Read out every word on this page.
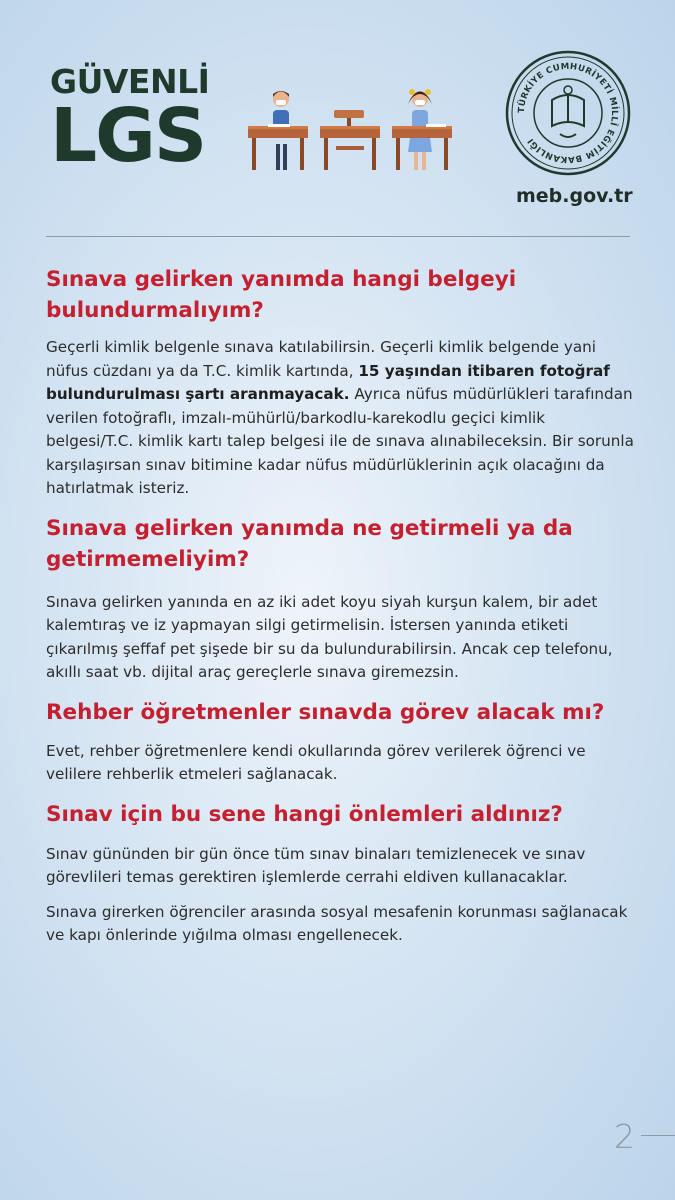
GÜVENLİ
LGS	TÜRKİYE CUMHURİYETİ MİLLÎ EĞİTİM BAKANLIĞI
meb.gov.tr
Sınava gelirken yanımda hangi belgeyi bulundurmalıyım?

Geçerli kimlik belgenle sınava katılabilirsin. Geçerli kimlik belgende yani nüfus cüzdanı ya da T.C. kimlik kartında, 15 yaşından itibaren fotoğraf bulundurulması şartı aranmayacak. Ayrıca nüfus müdürlükleri tarafından verilen fotoğraflı, imzalı-mühürlü/barkodlu-karekodlu geçici kimlik belgesi/T.C. kimlik kartı talep belgesi ile de sınava alınabileceksin. Bir sorunla karşılaşırsan sınav bitimine kadar nüfus müdürlüklerinin açık olacağını da hatırlatmak isteriz.

Sınava gelirken yanımda ne getirmeli ya da getirmemeliyim?

Sınava gelirken yanında en az iki adet koyu siyah kurşun kalem, bir adet kalemtıraş ve iz yapmayan silgi getirmelisin. İstersen yanında etiketi çıkarılmış şeffaf pet şişede bir su da bulundurabilirsin. Ancak cep telefonu, akıllı saat vb. dijital araç gereçlerle sınava giremezsin.

Rehber öğretmenler sınavda görev alacak mı?

Evet, rehber öğretmenlere kendi okullarında görev verilerek öğrenci ve velilere rehberlik etmeleri sağlanacak.

Sınav için bu sene hangi önlemleri aldınız?

Sınav gününden bir gün önce tüm sınav binaları temizlenecek ve sınav görevlileri temas gerektiren işlemlerde cerrahi eldiven kullanacaklar.

Sınava girerken öğrenciler arasında sosyal mesafenin korunması sağlanacak ve kapı önlerinde yığılma olması engellenecek.

2
